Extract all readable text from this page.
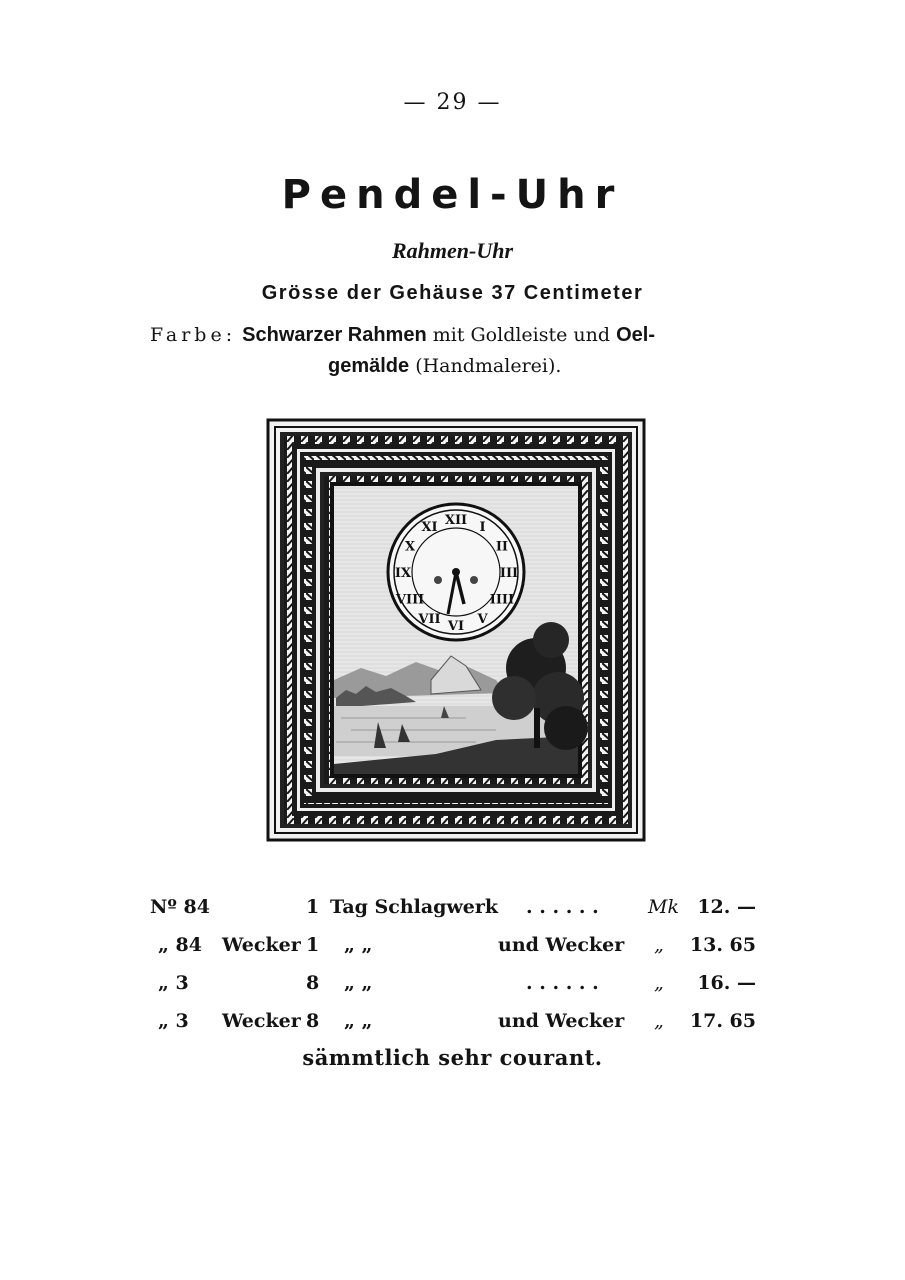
— 29 —
Pendel-Uhr
Rahmen-Uhr
Grösse der Gehäuse 37 Centimeter
Farbe: Schwarzer Rahmen mit Goldleiste und Oel-
gemälde (Handmalerei).
XII I
II
III
IIII
V
VI
VII
VIII
IX
X
XI
Nº 84	1 Tag Schlagwerk . . . . . .	Mk 12. —
„ 84 Wecker 1 „ „	und Wecker „ 13. 65
„ 3	8 „ „	. . . . . .	„ 16. —
„ 3 Wecker 8 „ „	und Wecker „ 17. 65
sämmtlich sehr courant.
